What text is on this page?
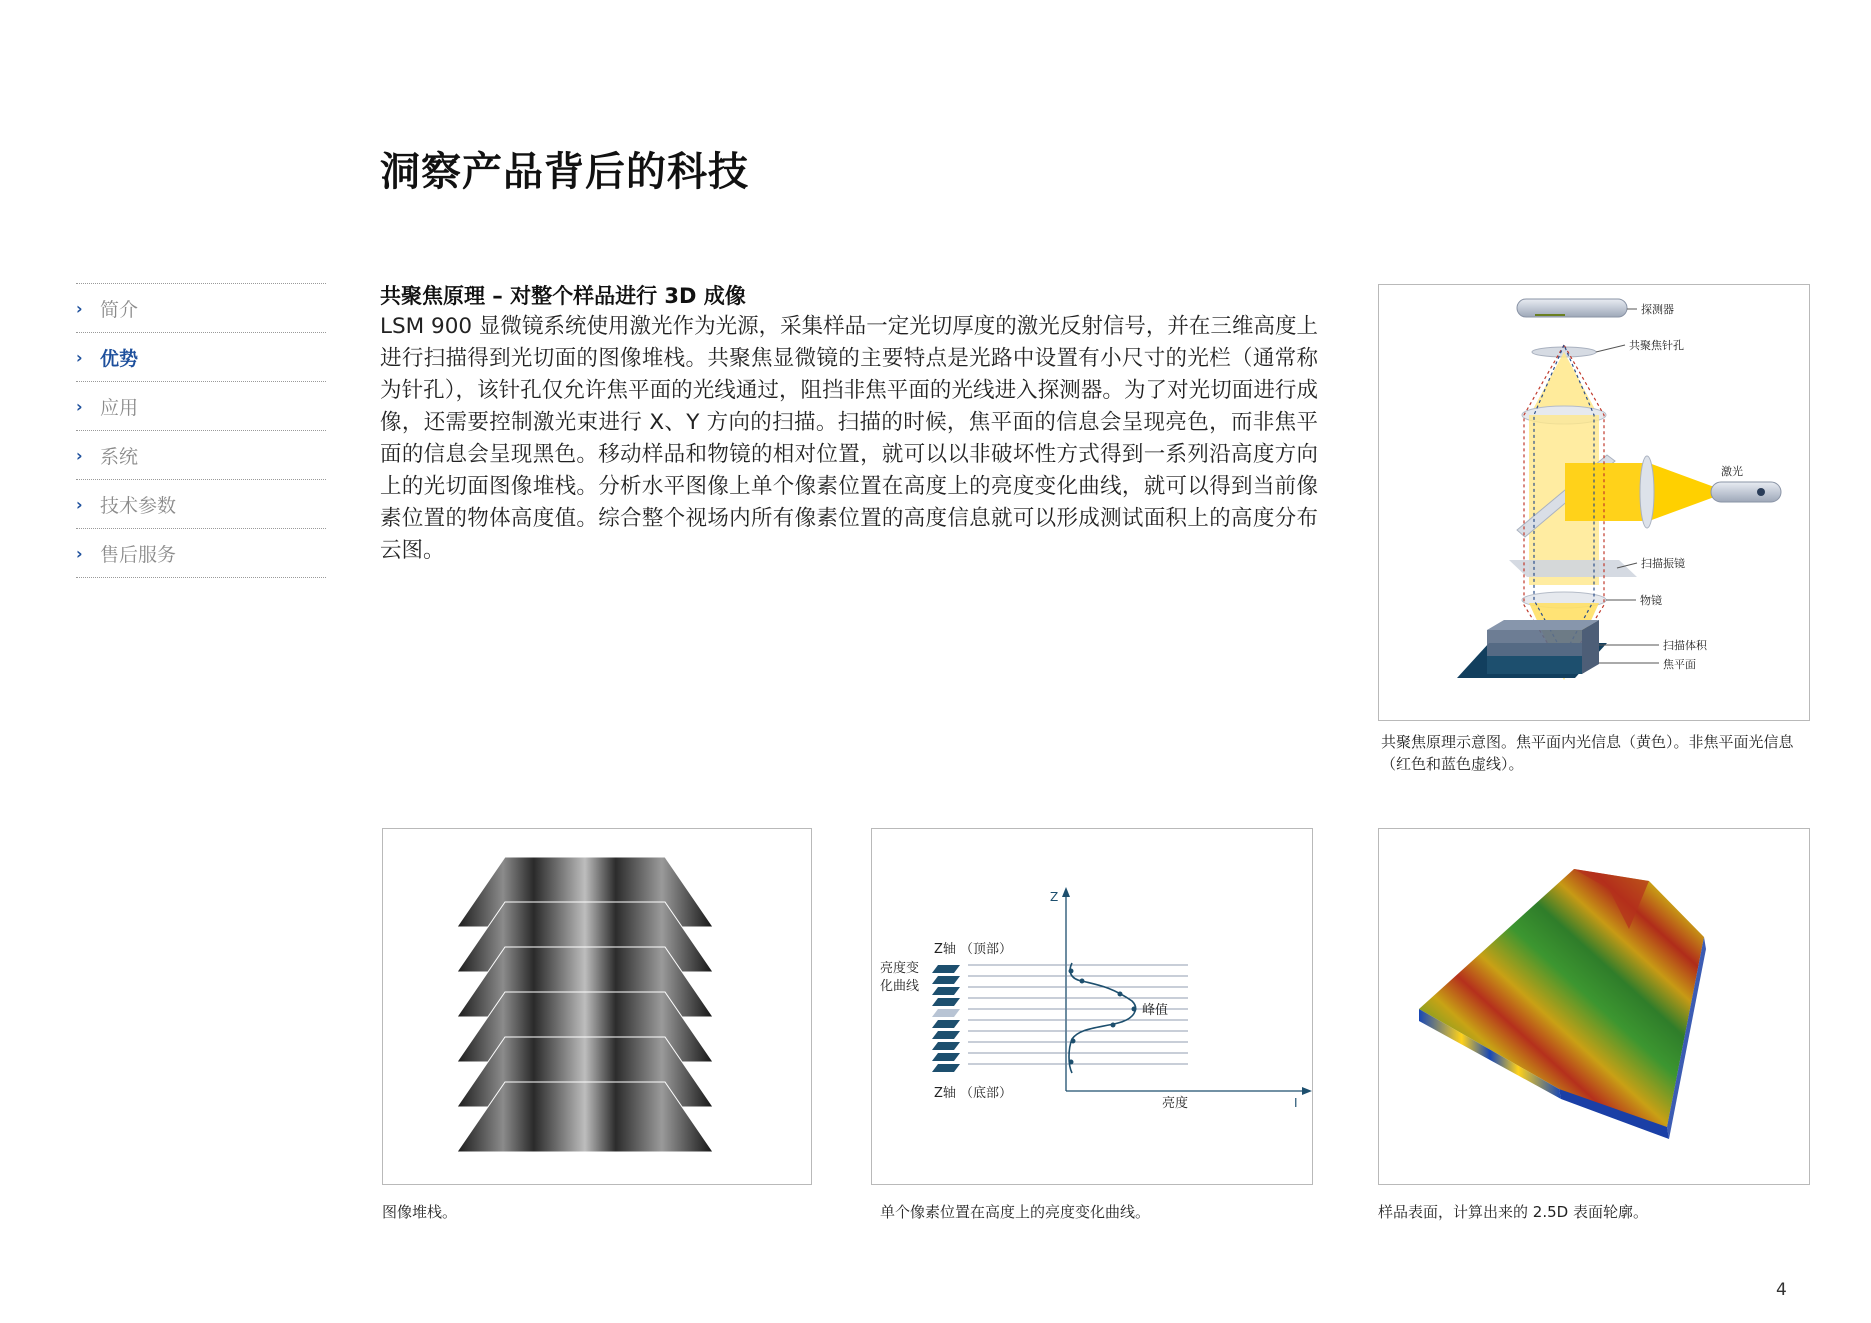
洞察产品背后的科技
› 简介
› 优势
› 应用
› 系统
› 技术参数
› 售后服务
共聚焦原理 – 对整个样品进行 3D 成像
LSM 900 显微镜系统使用激光作为光源，采集样品一定光切厚度的激光反射信号，并在三维高度上进行扫描得到光切面的图像堆栈。共聚焦显微镜的主要特点是光路中设置有小尺寸的光栏（通常称为针孔），该针孔仅允许焦平面的光线通过，阻挡非焦平面的光线进入探测器。为了对光切面进行成像，还需要控制激光束进行 X、Y 方向的扫描。扫描的时候，焦平面的信息会呈现亮色，而非焦平面的信息会呈现黑色。移动样品和物镜的相对位置，就可以以非破坏性方式得到一系列沿高度方向上的光切面图像堆栈。分析水平图像上单个像素位置在高度上的亮度变化曲线，就可以得到当前像素位置的物体高度值。综合整个视场内所有像素位置的高度信息就可以形成测试面积上的高度分布云图。
探测器
共聚焦针孔
激光
扫描振镜
物镜
扫描体积
焦平面
共聚焦原理示意图。焦平面内光信息（黄色）。非焦平面光信息（红色和蓝色虚线）。
图像堆栈。
Z
Z轴 （顶部）
亮度变
化曲线
Z轴 （底部）
峰值
亮度	I
单个像素位置在高度上的亮度变化曲线。	样品表面，计算出来的 2.5D 表面轮廓。
4
